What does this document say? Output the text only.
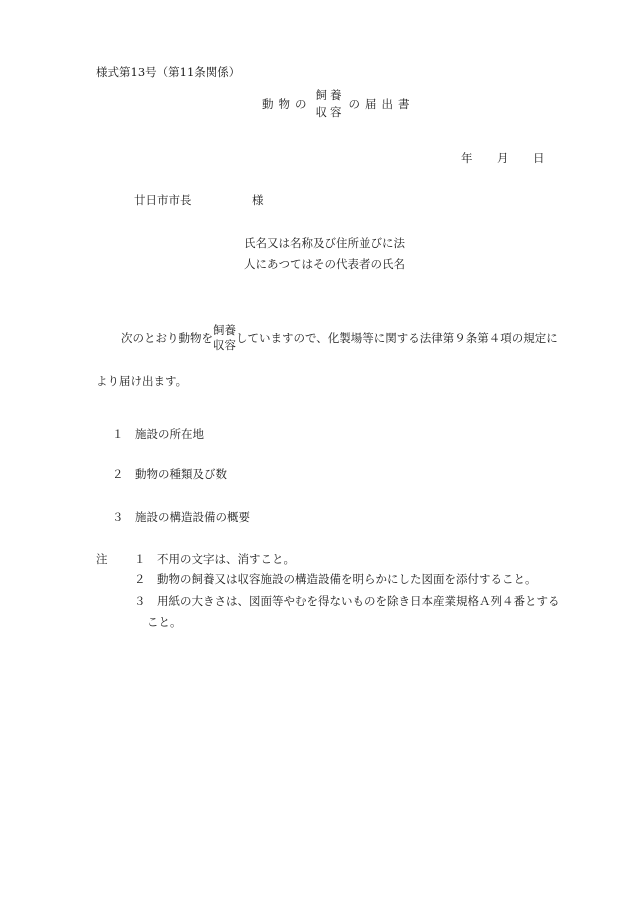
様式第13号（第11条関係）
動物の
飼養
収容
の届出書
年 月 日
廿日市市長	様
氏名又は名称及び住所並びに法
人にあつてはその代表者の氏名
次のとおり動物を
飼養
収容 していますので、化製場等に関する法律第９条第４項の規定に
より届け出ます。
１ 施設の所在地
２ 動物の種類及び数
３ 施設の構造設備の概要
注 １ 不用の文字は、消すこと。
２ 動物の飼養又は収容施設の構造設備を明らかにした図面を添付すること。
３ 用紙の大きさは、図面等やむを得ないものを除き日本産業規格Ａ列４番とする
こと。
